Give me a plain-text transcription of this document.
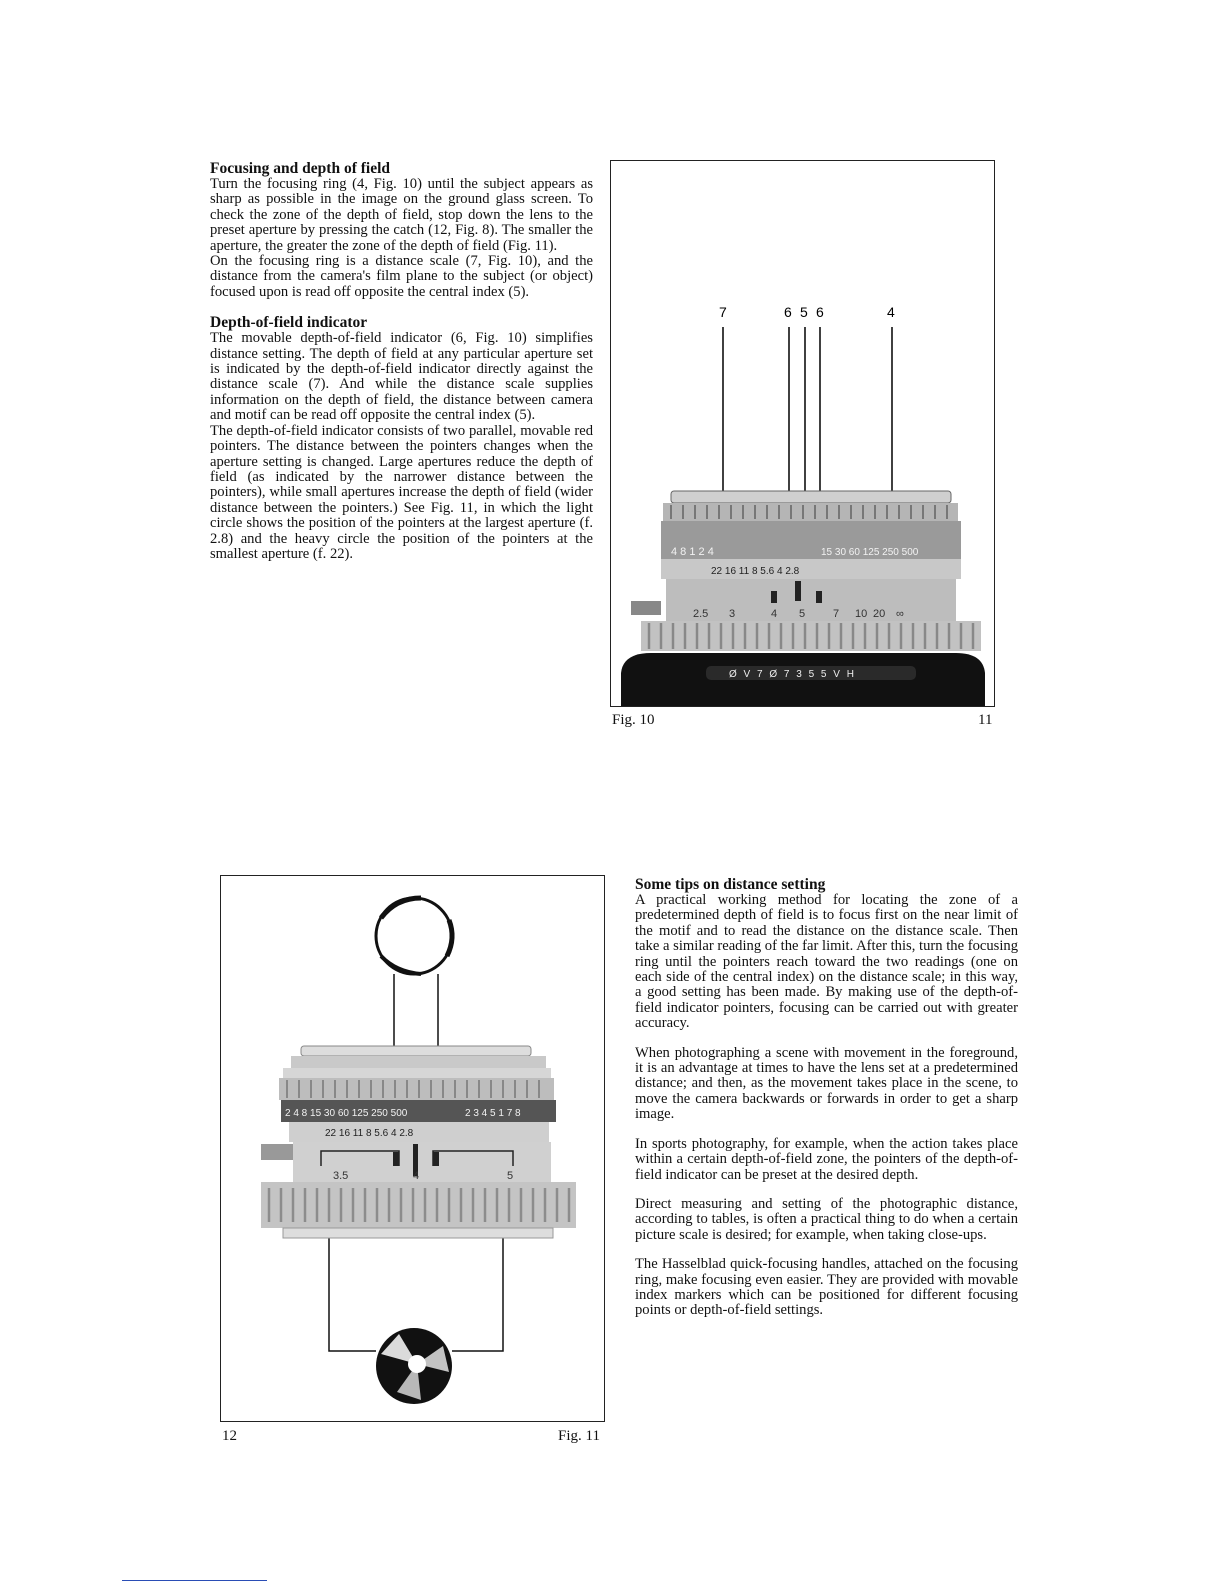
Focusing and depth of field

Turn the focusing ring (4, Fig. 10) until the subject appears as sharp as possible in the image on the ground glass screen. To check the zone of the depth of field, stop down the lens to the preset aperture by pressing the catch (12, Fig. 8). The smaller the aperture, the greater the zone of the depth of field (Fig. 11).

On the focusing ring is a distance scale (7, Fig. 10), and the distance from the camera's film plane to the subject (or object) focused upon is read off opposite the central index (5).

Depth-of-field indicator

The movable depth-of-field indicator (6, Fig. 10) simplifies distance setting. The depth of field at any particular aperture set is indicated by the depth-of-field indicator directly against the distance scale (7). And while the distance scale supplies information on the depth of field, the distance between camera and motif can be read off opposite the central index (5).

The depth-of-field indicator consists of two parallel, movable red pointers. The distance between the pointers changes when the aperture setting is changed. Large apertures reduce the depth of field (as indicated by the narrower distance between the pointers), while small apertures increase the depth of field (wider distance between the pointers.) See Fig. 11, in which the light circle shows the position of the pointers at the largest aperture (f. 2.8) and the heavy circle the position of the pointers at the smallest aperture (f. 22).

7	6 5 6	4
4 8 1 2 4	15 30 60 125 250 500
22 16 11 8 5.6 4 2.8
2.5 3	4 5	7 10 20 ∞
Ø V 7 Ø 7 3 5 5 V H
Fig. 10	11
2 4 8 15 30 60 125 250 500	2 3 4 5 1 7 8
22 16 11 8 5.6 4 2.8
3.5	4	5
12	Fig. 11

Some tips on distance setting

A practical working method for locating the zone of a predetermined depth of field is to focus first on the near limit of the motif and to read the distance on the distance scale. Then take a similar reading of the far limit. After this, turn the focusing ring until the pointers reach toward the two readings (one on each side of the central index) on the distance scale; in this way, a good setting has been made. By making use of the depth-of-field indicator pointers, focusing can be carried out with greater accuracy.

When photographing a scene with movement in the foreground, it is an advantage at times to have the lens set at a predetermined distance; and then, as the movement takes place in the scene, to move the camera backwards or forwards in order to get a sharp image.

In sports photography, for example, when the action takes place within a certain depth-of-field zone, the pointers of the depth-of-field indicator can be preset at the desired depth.

Direct measuring and setting of the photographic distance, according to tables, is often a practical thing to do when a certain picture scale is desired; for example, when taking close-ups.

The Hasselblad quick-focusing handles, attached on the focusing ring, make focusing even easier. They are provided with movable index markers which can be positioned for different focusing points or depth-of-field settings.
